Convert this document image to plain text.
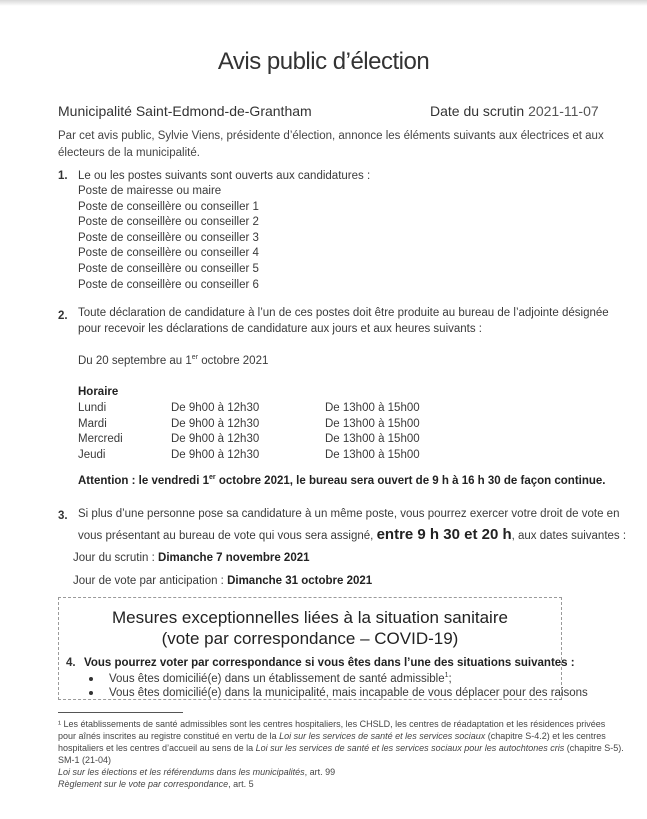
Avis public d’élection
Municipalité Saint-Edmond-de-Grantham	Date du scrutin 2021-11-07
Par cet avis public, Sylvie Viens, présidente d’élection, annonce les éléments suivants aux électrices et aux
électeurs de la municipalité.
1. Le ou les postes suivants sont ouverts aux candidatures :
Poste de mairesse ou maire
Poste de conseillère ou conseiller 1
Poste de conseillère ou conseiller 2
Poste de conseillère ou conseiller 3
Poste de conseillère ou conseiller 4
Poste de conseillère ou conseiller 5
Poste de conseillère ou conseiller 6
2. Toute déclaration de candidature à l’un de ces postes doit être produite au bureau de l’adjointe désignée
pour recevoir les déclarations de candidature aux jours et aux heures suivants :
Du 20 septembre au 1er octobre 2021
Horaire
Lundi	De 9h00 à 12h30	De 13h00 à 15h00
Mardi	De 9h00 à 12h30	De 13h00 à 15h00
Mercredi	De 9h00 à 12h30	De 13h00 à 15h00
Jeudi	De 9h00 à 12h30	De 13h00 à 15h00
Attention : le vendredi 1er octobre 2021, le bureau sera ouvert de 9 h à 16 h 30 de façon continue.
3. Si plus d’une personne pose sa candidature à un même poste, vous pourrez exercer votre droit de vote en
vous présentant au bureau de vote qui vous sera assigné, entre 9 h 30 et 20 h, aux dates suivantes :
Jour du scrutin : Dimanche 7 novembre 2021
Jour de vote par anticipation : Dimanche 31 octobre 2021
Mesures exceptionnelles liées à la situation sanitaire
(vote par correspondance – COVID-19)
4. Vous pourrez voter par correspondance si vous êtes dans l’une des situations suivantes :
Vous êtes domicilié(e) dans un établissement de santé admissible$^1$;
Vous êtes domicilié(e) dans la municipalité, mais incapable de vous déplacer pour des raisons
¹ Les établissements de santé admissibles sont les centres hospitaliers, les CHSLD, les centres de réadaptation et les résidences privées
pour aînés inscrites au registre constitué en vertu de la Loi sur les services de santé et les services sociaux (chapitre S-4.2) et les centres
hospitaliers et les centres d’accueil au sens de la Loi sur les services de santé et les services sociaux pour les autochtones cris (chapitre S-5).
SM-1 (21-04)
Loi sur les élections et les référendums dans les municipalités, art. 99
Règlement sur le vote par correspondance, art. 5
